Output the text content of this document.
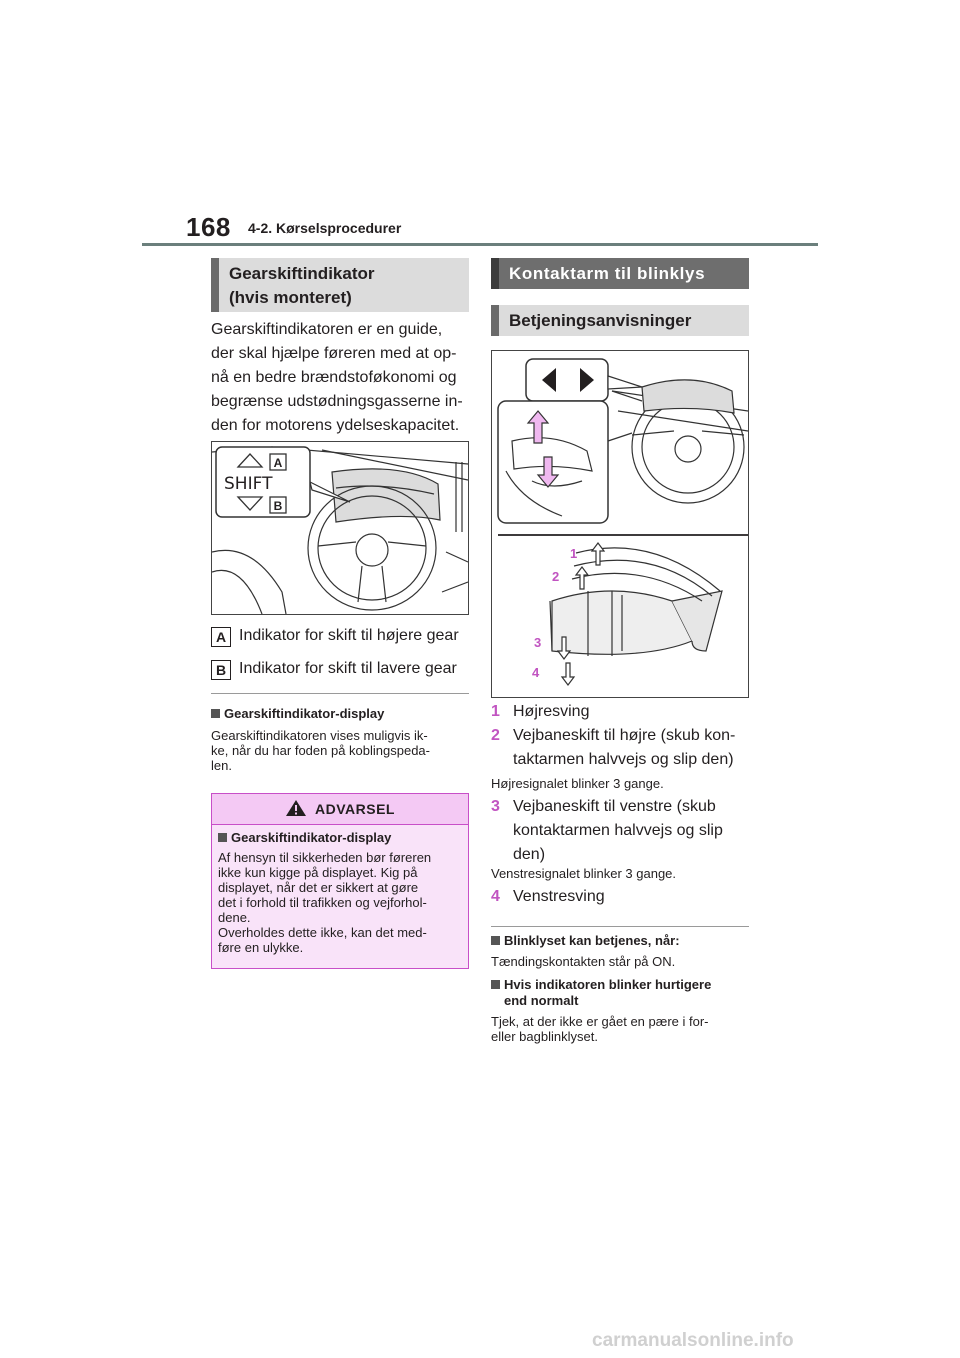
168 4-2. Kørselsprocedurer
Gearskiftindikator
(hvis monteret)
Gearskiftindikatoren er en guide,
der skal hjælpe føreren med at op-
nå en bedre brændstoføkonomi og
begrænse udstødningsgasserne in-
den for motorens ydelseskapacitet.
A
B
SHIFT
A Indikator for skift til højere gear
B Indikator for skift til lavere gear
Gearskiftindikator-display
Gearskiftindikatoren vises muligvis ik-
ke, når du har foden på koblingspeda-
len.
ADVARSEL
Gearskiftindikator-display
Af hensyn til sikkerheden bør føreren
ikke kun kigge på displayet. Kig på
displayet, når det er sikkert at gøre
det i forhold til trafikken og vejforhol-
dene.
Overholdes dette ikke, kan det med-
føre en ulykke.
Kontaktarm til blinklys
Betjeningsanvisninger
1
2
3
4
1 Højresving
2 Vejbaneskift til højre (skub kon-
taktarmen halvvejs og slip den)
Højresignalet blinker 3 gange.
3 Vejbaneskift til venstre (skub
kontaktarmen halvvejs og slip
den)
Venstresignalet blinker 3 gange.
4 Venstresving
Blinklyset kan betjenes, når:
Tændingskontakten står på ON.
Hvis indikatoren blinker hurtigere
end normalt
Tjek, at der ikke er gået en pære i for-
eller bagblinklyset.
carmanualsonline.info
